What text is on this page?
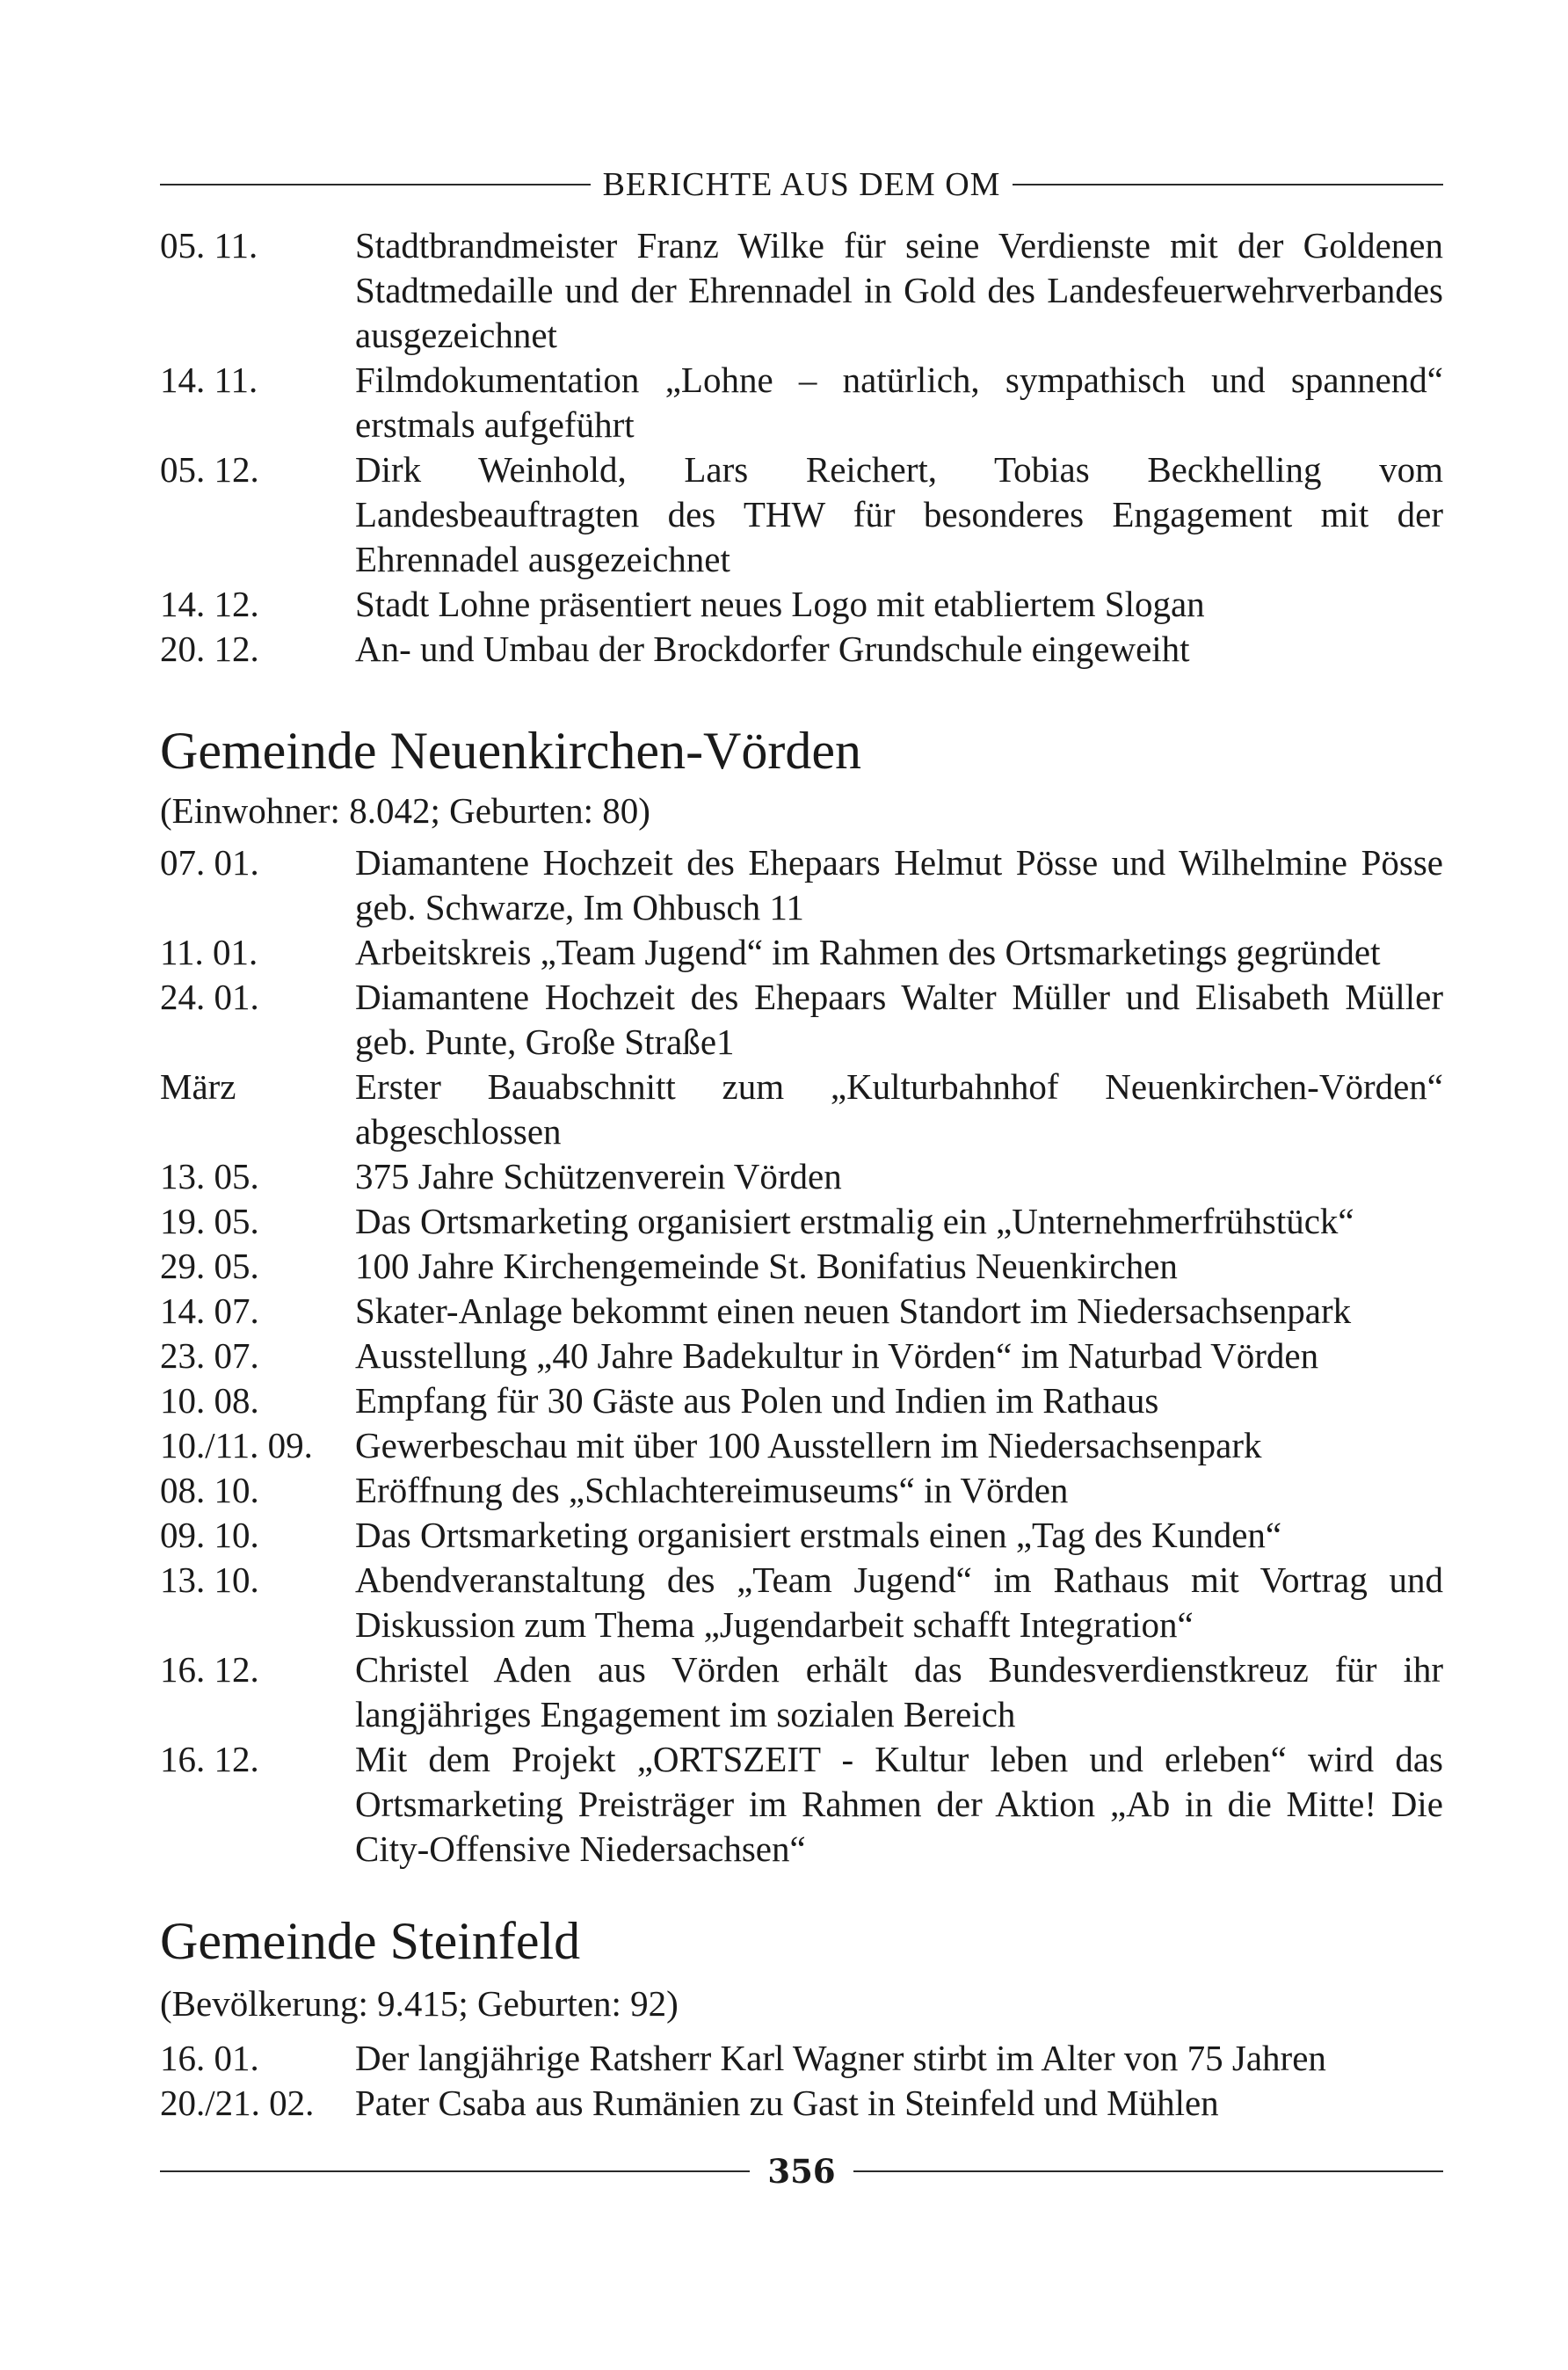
BERICHTE AUS DEM OM
05. 11.	Stadtbrandmeister Franz Wilke für seine Verdienste mit der Goldenen Stadtmedaille und der Ehrennadel in Gold des Landesfeuerwehrverbandes ausgezeichnet
14. 11.	Filmdokumentation „Lohne – natürlich, sympathisch und spannend“ erstmals aufgeführt
05. 12.	Dirk Weinhold, Lars Reichert, Tobias Beckhelling vom Landesbeauftragten des THW für besonderes Engagement mit der Ehrennadel ausgezeichnet
14. 12.	Stadt Lohne präsentiert neues Logo mit etabliertem Slogan
20. 12.	An- und Umbau der Brockdorfer Grundschule eingeweiht
Gemeinde Neuenkirchen-Vörden
(Einwohner: 8.042; Geburten: 80)
07. 01.	Diamantene Hochzeit des Ehepaars Helmut Pösse und Wilhelmine Pösse geb. Schwarze, Im Ohbusch 11
11. 01.	Arbeitskreis „Team Jugend“ im Rahmen des Ortsmarketings gegründet
24. 01.	Diamantene Hochzeit des Ehepaars Walter Müller und Elisabeth Müller geb. Punte, Große Straße1
März	Erster Bauabschnitt zum „Kulturbahnhof Neuenkirchen-Vörden“ abgeschlossen
13. 05.	375 Jahre Schützenverein Vörden
19. 05.	Das Ortsmarketing organisiert erstmalig ein „Unternehmerfrühstück“
29. 05.	100 Jahre Kirchengemeinde St. Bonifatius Neuenkirchen
14. 07.	Skater-Anlage bekommt einen neuen Standort im Niedersachsenpark
23. 07.	Ausstellung „40 Jahre Badekultur in Vörden“ im Naturbad Vörden
10. 08.	Empfang für 30 Gäste aus Polen und Indien im Rathaus
10./11. 09.	Gewerbeschau mit über 100 Ausstellern im Niedersachsenpark
08. 10.	Eröffnung des „Schlachtereimuseums“ in Vörden
09. 10.	Das Ortsmarketing organisiert erstmals einen „Tag des Kunden“
13. 10.	Abendveranstaltung des „Team Jugend“ im Rathaus mit Vortrag und Diskussion zum Thema „Jugendarbeit schafft Integration“
16. 12.	Christel Aden aus Vörden erhält das Bundesverdienstkreuz für ihr langjähriges Engagement im sozialen Bereich
16. 12.	Mit dem Projekt „ORTSZEIT - Kultur leben und erleben“ wird das Ortsmarketing Preisträger im Rahmen der Aktion „Ab in die Mitte! Die City-Offensive Niedersachsen“
Gemeinde Steinfeld
(Bevölkerung: 9.415; Geburten: 92)
16. 01.	Der langjährige Ratsherr Karl Wagner stirbt im Alter von 75 Jahren
20./21. 02.	Pater Csaba aus Rumänien zu Gast in Steinfeld und Mühlen
356
